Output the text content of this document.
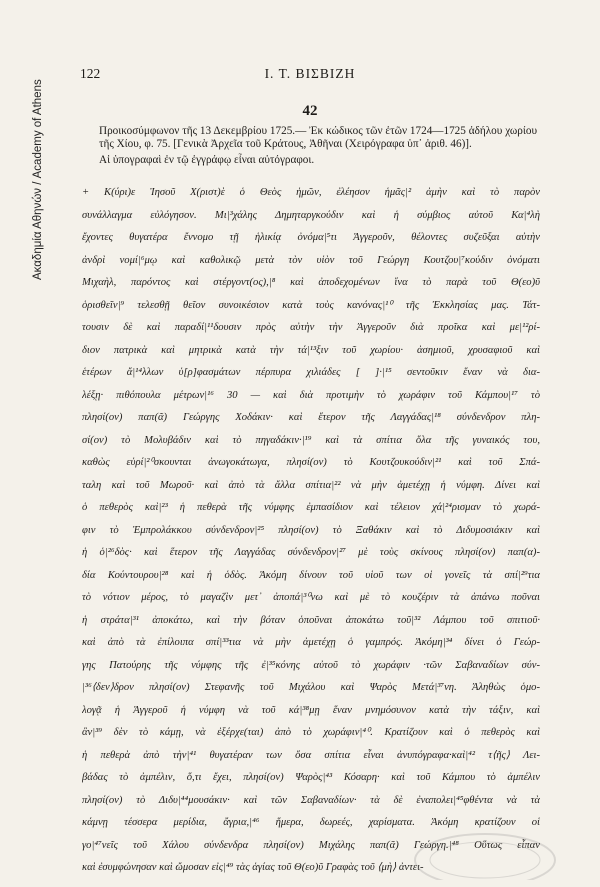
Ακαδημία Αθηνών / Academy of Athens
122	Ι. Τ. ΒΙΣΒΙΖΗ
42

Προικοσύμφωνον τῆς 13 Δεκεμβρίου 1725.— Ἐκ κώδικος τῶν ἐτῶν 1724—1725 ἀδήλου χωρίου τῆς Χίου, φ. 75. [Γενικὰ Ἀρχεῖα τοῦ Κράτους, Ἀθῆναι (Χειρόγραφα ὑπ᾽ ἀριθ. 46)].

Αἱ ὑπογραφαὶ ἐν τῷ ἐγγράφῳ εἶναι αὐτόγραφοι.

+ Κ(ύρι)ε Ἰησοῦ Χ(ριστ)ὲ ὁ Θεὸς ἡμῶν, ἐλέησον ἡμᾶς|² ἀμὴν καὶ τὸ παρὸν
συνάλλαγμα εὐλόγησον. Μι|³χάλης Δημηταργκούδιν καὶ ἡ σύμβιος αὐτοῦ Κα|⁴λὴ
ἔχοντες θυγατέρα ἔννομο τῇ ἡλικίᾳ ὀνόμα|⁵τι Ἀγγεροῦν, θέλοντες συζεῦξαι αὐτὴν
ἀνδρὶ νομί|⁶μῳ καὶ καθολικῷ μετὰ τὸν υἱὸν τοῦ Γεώργη Κουτζου|⁷κούδιν ὀνόματι
Μιχαὴλ, παρόντος καὶ στέργοντ(ος),|⁸ καὶ ἀποδεχομένων ἵνα τὸ παρὰ τοῦ Θ(εο)ῦ
ὁρισθεῖν|⁹ τελεσθῇ θεῖον συνοικέσιον κατὰ τοὺς κανόνας|¹⁰ τῆς Ἐκκλησίας μας. Τάτ-
τουσιν δὲ καὶ παραδί|¹¹δουσιν πρὸς αὐτὴν τὴν Ἀγγεροῦν διὰ προῖκα καὶ με|¹²ρί-
διον πατρικὰ καὶ μητρικὰ κατὰ τὴν τά|¹³ξιν τοῦ χωρίου· ἀσημιοῦ, χρυσαφιοῦ καὶ
ἑτέρων ἄ|¹⁴λλων ὑ[ρ]φασμάτων πέρπυρα χιλιάδες [ ]·|¹⁵ σεντοῦκιν ἕναν νὰ δια-
λέξῃ· πιθόπουλα μέτρων|¹⁶ 30 — καὶ διὰ προτιμὴν τὸ χωράφιν τοῦ Κάμπου|¹⁷ τὸ
πλησί(ον) παπ(ᾶ) Γεώργης Χοδάκιν· καὶ ἕτερον τῆς Λαγγάδας|¹⁸ σύνδενδρον πλη-
σί(ον) τὸ Μολυβάδιν καὶ τὸ πηγαδάκιν·|¹⁹ καὶ τὰ σπίτια ὅλα τῆς γυναικός του,
καθὼς εὑρί|²⁰σκουνται ἀνωγοκάτωγα, πλησί(ον) τὸ Κουτζουκούδιν|²¹ καὶ τοῦ Σπά-
ταλη καὶ τοῦ Μωροῦ· καὶ ἀπὸ τὰ ἄλλα σπίτια|²² νὰ μὴν ἀμετέχῃ ἡ νύμφη. Δίνει καὶ
ὁ πεθερὸς καὶ|²³ ἡ πεθερὰ τῆς νύμφης ἐμπασίδιον καὶ τέλειον χά|²⁴ρισμαν τὸ χωρά-
φιν τὸ Ἐμπρολάκκου σύνδενδρον|²⁵ πλησί(ον) τὸ Ξαθάκιν καὶ τὸ Διδυμοσιάκιν καὶ
ἡ ὁ|²⁶δὸς· καὶ ἕτερον τῆς Λαγγάδας σύνδενδρον|²⁷ μὲ τοὺς σκίνους πλησί(ον) παπ(α)-
δία Κούντουρου|²⁸ καὶ ἡ ὁδὸς. Ἀκόμη δίνουν τοῦ υἱοῦ των οἱ γονεῖς τὰ σπί|²⁹τια
τὸ νότιον μέρος, τὸ μαγαζὶν μετ᾽ ἀποπά|³⁰νω καὶ μὲ τὸ κουζέριν τὰ ἀπάνω ποῦναι
ἡ στράτα|³¹ ἀποκάτω, καὶ τὴν βόταν ὁποῦναι ἀποκάτω τοῦ|³² Λάμπου τοῦ σπιτιοῦ·
καὶ ἀπὸ τὰ ἐπίλοιπα σπί|³³τια νὰ μὴν ἀμετέχῃ ὁ γαμπρός. Ἀκόμη|³⁴ δίνει ὁ Γεώρ-
γης Πατούρης τῆς νύμφης τῆς ἐ|³⁵κόνης αὐτοῦ τὸ χωράφιν ·τῶν Σαβαναδίων σύν-
|³⁶⟨δεν⟩δρον πλησί(ον) Στεφανῆς τοῦ Μιχάλου καὶ Ψαρὸς Μετά|³⁷νη. Ἀληθὼς ὁμο-
λογᾷ ἡ Ἀγγεροῦ ἡ νύμφη νὰ τοῦ κά|³⁸μῃ ἕναν μνημόσυνον κατὰ τὴν τάξιν, καὶ
ἂν|³⁹ δὲν τὸ κάμῃ, νὰ ἐξέρχε(ται) ἀπὸ τὸ χωράφιν|⁴⁰. Κρατίζουν καὶ ὁ πεθερὸς καὶ
ἡ πεθερὰ ἀπὸ τὴν|⁴¹ θυγατέραν των ὅσα σπίτια εἶναι ἀνυπόγραφα·καὶ|⁴² τ⟨ῆς⟩ Λει-
βάδας τὸ ἀμπέλιν, ὅ,τι ἔχει, πλησί(ον) Ψαρὸς|⁴³ Κόσαρη· καὶ τοῦ Κάμπου τὸ ἀμπέλιν
πλησί(ον) τὸ Διδυ|⁴⁴μουσάκιν· καὶ τῶν Σαβαναδίων· τὰ δὲ ἐναπολει|⁴⁵φθέντα νὰ τὰ
κάμνῃ τέσσερα μερίδια, ἄγρια,|⁴⁶ ἥμερα, δωρεές, χαρίσματα. Ἀκόμη κρατίζουν οἱ
γο|⁴⁷νεῖς τοῦ Χάλου σύνδενδρα πλησί(ον) Μιχάλης παπ(ᾶ) Γεώργη.|⁴⁸ Οὕτως εἶπαν
καὶ ἐσυμφώνησαν καὶ ὤμοσαν εἰς|⁴⁹ τὰς ἁγίας τοῦ Θ(εο)ῦ Γραφὰς τοῦ ⟨μὴ⟩ ἀντει-
